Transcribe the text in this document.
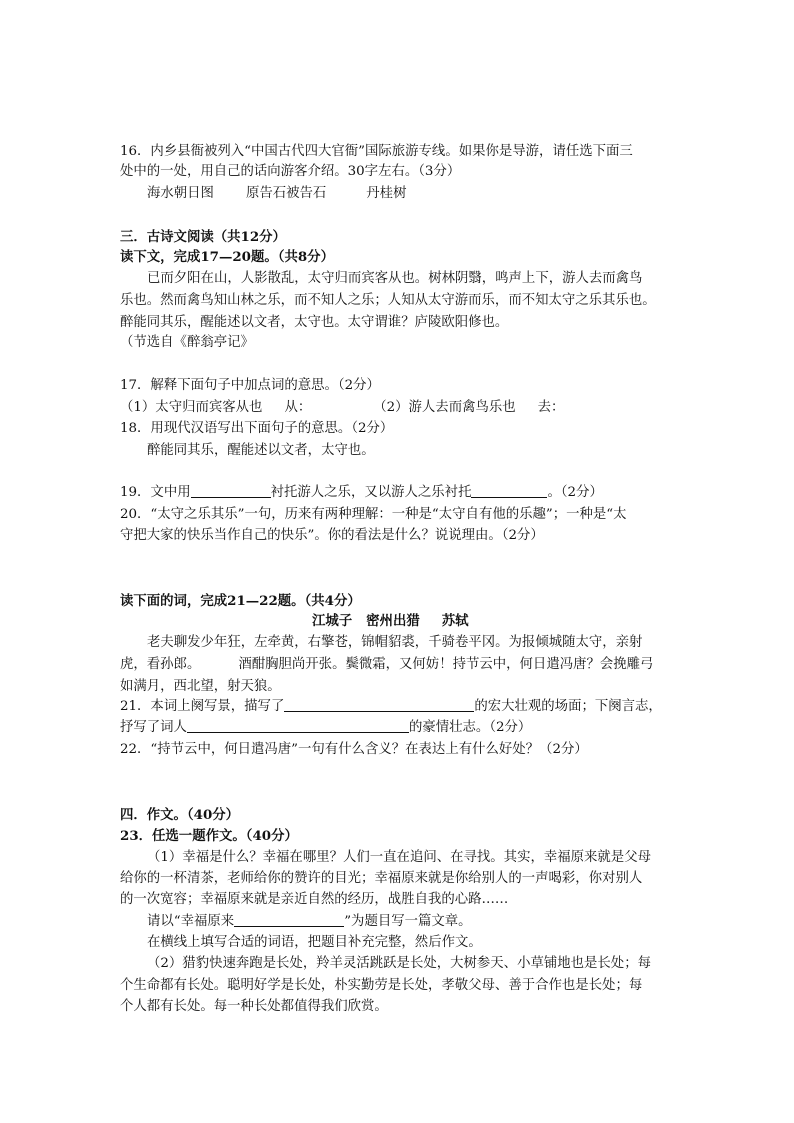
16．内乡县衙被列入“中国古代四大官衙”国际旅游专线。如果你是导游，请任选下面三
处中的一处，用自己的话向游客介绍。30字左右。（3分）
海水朝日图 原告石被告石	丹桂树
三．古诗文阅读（共12分）
读下文，完成17—20题。（共8分）
已而夕阳在山，人影散乱，太守归而宾客从也。树林阴翳，鸣声上下，游人去而禽鸟
乐也。然而禽鸟知山林之乐，而不知人之乐；人知从太守游而乐，而不知太守之乐其乐也。
醉能同其乐，醒能述以文者，太守也。太守谓谁？庐陵欧阳修也。
（节选自《醉翁亭记》
17．解释下面句子中加点词的意思。（2分）
（1）太守归而宾客从也 从：	（2）游人去而禽鸟乐也 去：
18．用现代汉语写出下面句子的意思。（2分）
醉能同其乐，醒能述以文者，太守也。
19．文中用	衬托游人之乐，又以游人之乐衬托	。（2分）
20．“太守之乐其乐”一句，历来有两种理解：一种是“太守自有他的乐趣”；一种是“太
守把大家的快乐当作自己的快乐”。你的看法是什么？说说理由。（2分）
读下面的词，完成21—22题。（共4分）
江城子 密州出猎 苏轼
老夫聊发少年狂，左牵黄，右擎苍，锦帽貂裘，千骑卷平冈。为报倾城随太守，亲射
虎，看孙郎。	酒酣胸胆尚开张。鬓微霜，又何妨！持节云中，何日遣冯唐？会挽雕弓
如满月，西北望，射天狼。
21．本词上阕写景，描写了	的宏大壮观的场面；下阕言志，
抒写了词人	的豪情壮志。（2分）
22．“持节云中，何日遣冯唐”一句有什么含义？在表达上有什么好处？（2分）
四．作文。（40分）
23．任选一题作文。（40分）
（1）幸福是什么？幸福在哪里？人们一直在追问、在寻找。其实，幸福原来就是父母
给你的一杯清茶，老师给你的赞许的目光；幸福原来就是你给别人的一声喝彩，你对别人
的一次宽容；幸福原来就是亲近自然的经历，战胜自我的心路……
请以“幸福原来	”为题目写一篇文章。
在横线上填写合适的词语，把题目补充完整，然后作文。
（2）猎豹快速奔跑是长处，羚羊灵活跳跃是长处，大树参天、小草铺地也是长处；每
个生命都有长处。聪明好学是长处，朴实勤劳是长处，孝敬父母、善于合作也是长处；每
个人都有长处。每一种长处都值得我们欣赏。
